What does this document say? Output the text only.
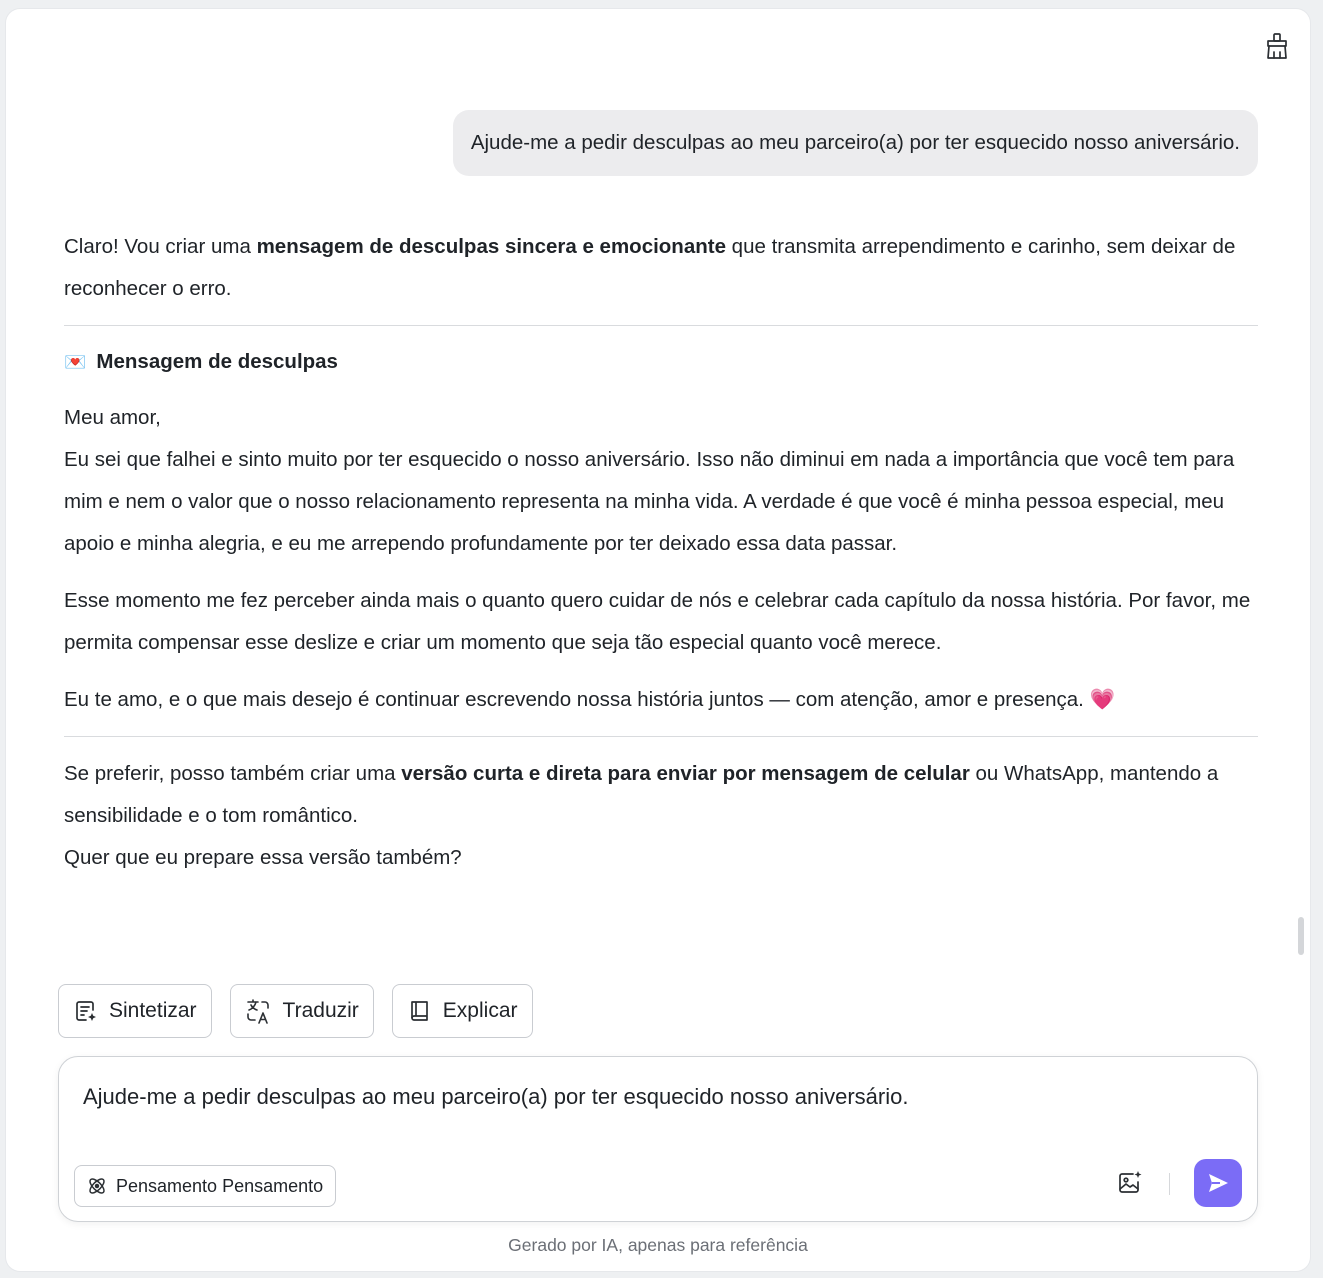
Ajude-me a pedir desculpas ao meu parceiro(a) por ter esquecido nosso aniversário.

Claro! Vou criar uma mensagem de desculpas sincera e emocionante que transmita arrependimento e carinho, sem deixar de reconhecer o erro.

💌 Mensagem de desculpas

Meu amor,

Eu sei que falhei e sinto muito por ter esquecido o nosso aniversário. Isso não diminui em nada a importância que você tem para mim e nem o valor que o nosso relacionamento representa na minha vida. A verdade é que você é minha pessoa especial, meu apoio e minha alegria, e eu me arrependo profundamente por ter deixado essa data passar.

Esse momento me fez perceber ainda mais o quanto quero cuidar de nós e celebrar cada capítulo da nossa história. Por favor, me permita compensar esse deslize e criar um momento que seja tão especial quanto você merece.

Eu te amo, e o que mais desejo é continuar escrevendo nossa história juntos — com atenção, amor e presença. 💗

Se preferir, posso também criar uma versão curta e direta para enviar por mensagem de celular ou WhatsApp, mantendo a sensibilidade e o tom romântico.

Quer que eu prepare essa versão também?

Sintetizar	Traduzir	Explicar
Ajude-me a pedir desculpas ao meu parceiro(a) por ter esquecido nosso aniversário.
Pensamento Pensamento
Gerado por IA, apenas para referência
